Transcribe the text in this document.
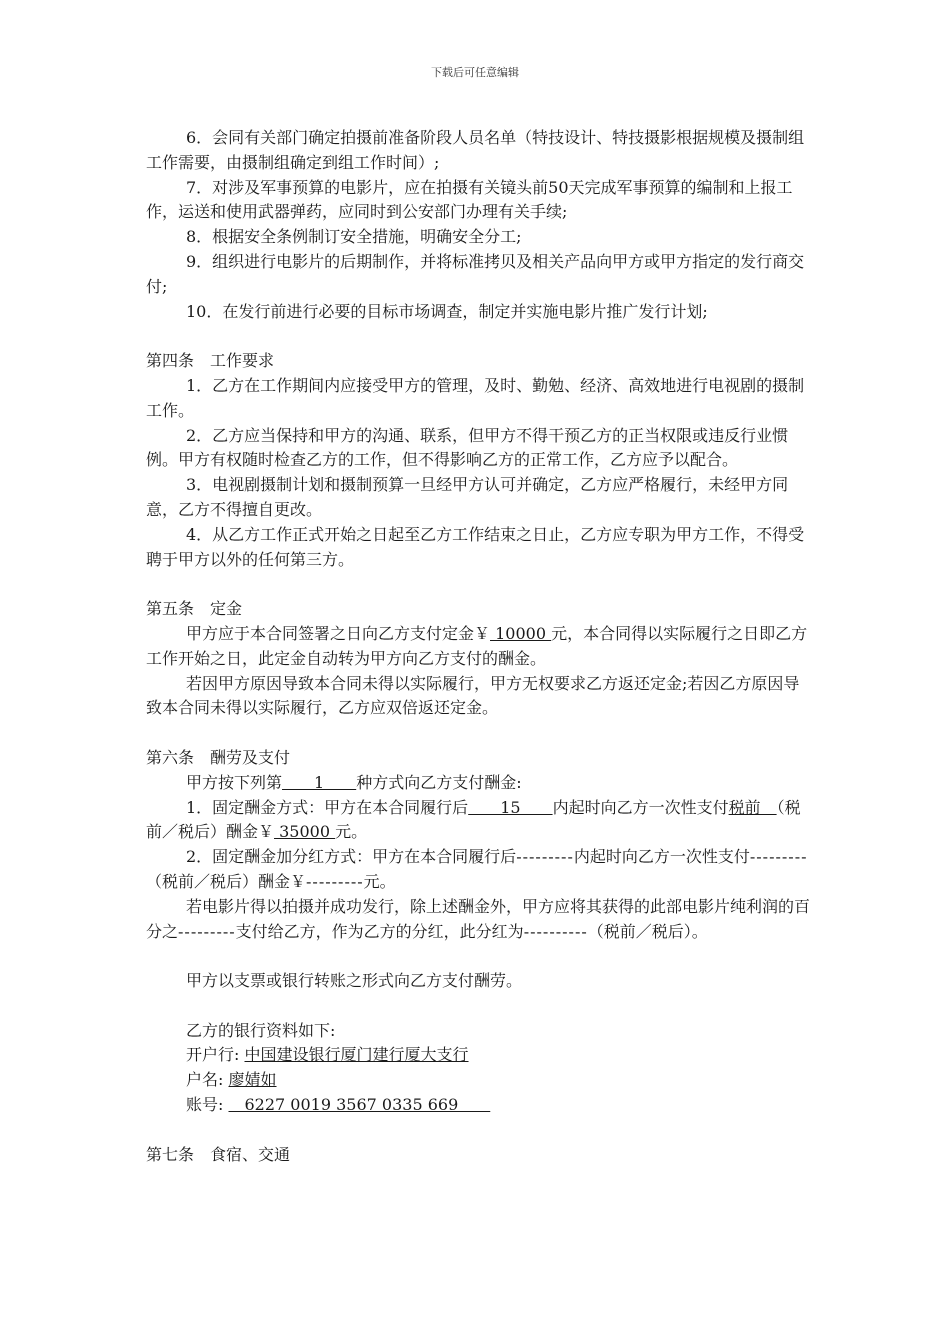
下载后可任意编辑

6．会同有关部门确定拍摄前准备阶段人员名单（特技设计、特技摄影根据规模及摄制组工作需要，由摄制组确定到组工作时间）;

7．对涉及军事预算的电影片，应在拍摄有关镜头前50天完成军事预算的编制和上报工作，运送和使用武器弹药，应同时到公安部门办理有关手续;

8．根据安全条例制订安全措施，明确安全分工;

9．组织进行电影片的后期制作，并将标准拷贝及相关产品向甲方或甲方指定的发行商交付;

10．在发行前进行必要的目标市场调查，制定并实施电影片推广发行计划;

第四条　工作要求

1．乙方在工作期间内应接受甲方的管理，及时、勤勉、经济、高效地进行电视剧的摄制工作。

2．乙方应当保持和甲方的沟通、联系，但甲方不得干预乙方的正当权限或违反行业惯例。甲方有权随时检查乙方的工作，但不得影响乙方的正常工作，乙方应予以配合。

3．电视剧摄制计划和摄制预算一旦经甲方认可并确定，乙方应严格履行，未经甲方同意，乙方不得擅自更改。

4．从乙方工作正式开始之日起至乙方工作结束之日止，乙方应专职为甲方工作，不得受聘于甲方以外的任何第三方。

第五条　定金

甲方应于本合同签署之日向乙方支付定金￥ 10000 元，本合同得以实际履行之日即乙方工作开始之日，此定金自动转为甲方向乙方支付的酬金。

若因甲方原因导致本合同未得以实际履行，甲方无权要求乙方返还定金;若因乙方原因导致本合同未得以实际履行，乙方应双倍返还定金。

第六条　酬劳及支付

甲方按下列第　　1　　种方式向乙方支付酬金:

1．固定酬金方式：甲方在本合同履行后　　15　　内起时向乙方一次性支付税前　（税前／税后）酬金￥ 35000 元。

2．固定酬金加分红方式：甲方在本合同履行后---------内起时向乙方一次性支付---------（税前／税后）酬金￥---------元。

若电影片得以拍摄并成功发行，除上述酬金外，甲方应将其获得的此部电影片纯利润的百分之---------支付给乙方，作为乙方的分红，此分红为----------（税前／税后）。

甲方以支票或银行转账之形式向乙方支付酬劳。

乙方的银行资料如下:

开户行: 中国建设银行厦门建行厦大支行

户名: 廖婧如

账号: 　6227 0019 3567 0335 669　　

第七条　食宿、交通
